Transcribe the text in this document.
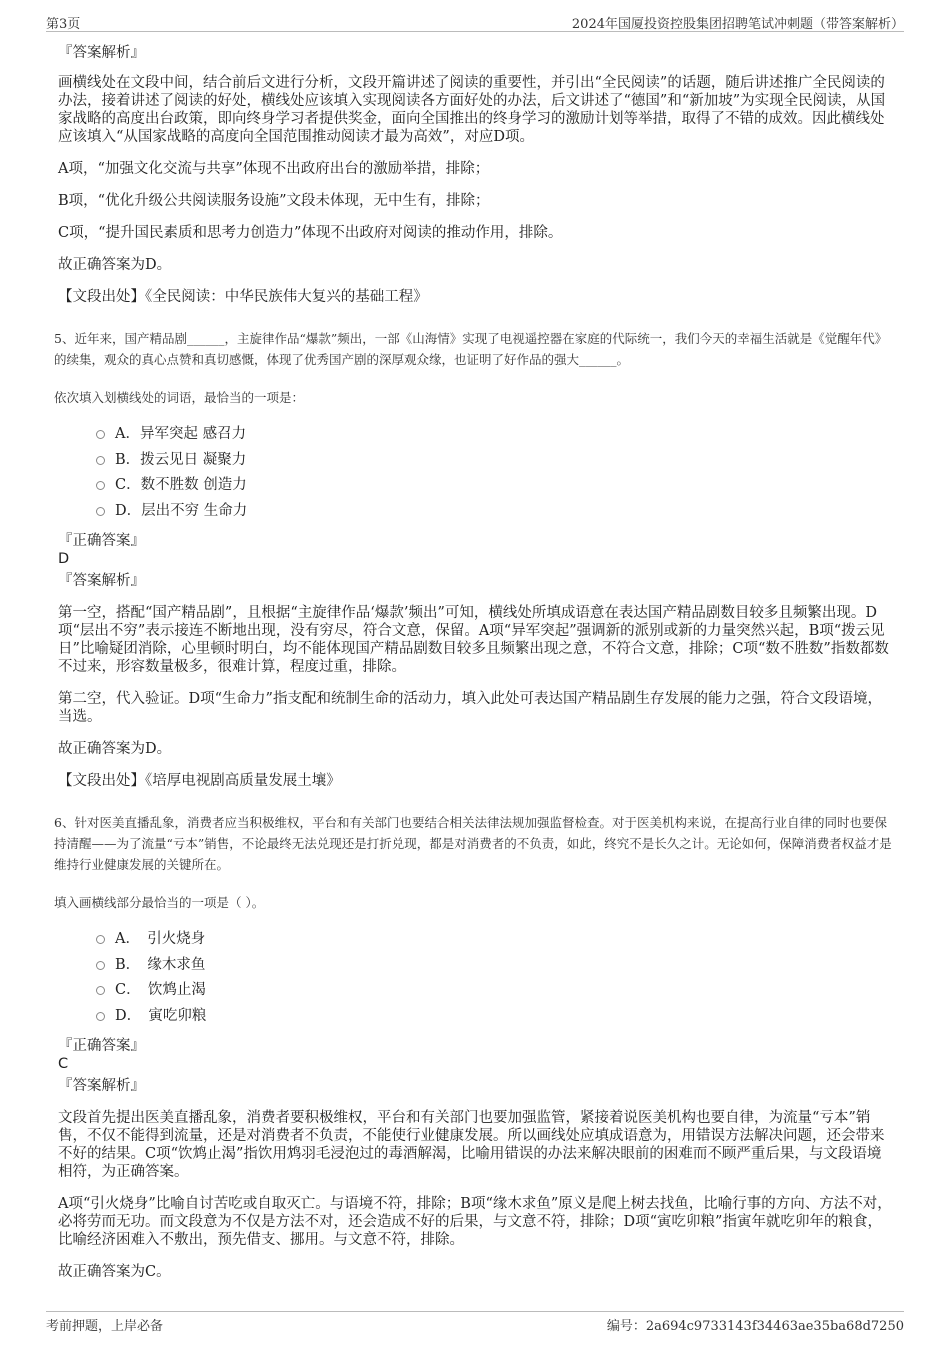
第3页	2024年国厦投资控股集团招聘笔试冲刺题（带答案解析）

『答案解析』

画横线处在文段中间，结合前后文进行分析，文段开篇讲述了阅读的重要性，并引出“全民阅读”的话题，随后讲述推广全民阅读的办法，接着讲述了阅读的好处，横线处应该填入实现阅读各方面好处的办法，后文讲述了“德国”和“新加坡”为实现全民阅读，从国家战略的高度出台政策，即向终身学习者提供奖金，面向全国推出的终身学习的激励计划等举措，取得了不错的成效。因此横线处应该填入“从国家战略的高度向全国范围推动阅读才最为高效”，对应D项。

A项，“加强文化交流与共享”体现不出政府出台的激励举措，排除；

B项，“优化升级公共阅读服务设施”文段未体现，无中生有，排除；

C项，“提升国民素质和思考力创造力”体现不出政府对阅读的推动作用，排除。

故正确答案为D。

【文段出处】《全民阅读：中华民族伟大复兴的基础工程》

5、近年来，国产精品剧______，主旋律作品“爆款”频出，一部《山海情》实现了电视遥控器在家庭的代际统一，我们今天的幸福生活就是《觉醒年代》的续集，观众的真心点赞和真切感慨，体现了优秀国产剧的深厚观众缘，也证明了好作品的强大______。

依次填入划横线处的词语，最恰当的一项是：

A．异军突起 感召力
B．拨云见日 凝聚力
C．数不胜数 创造力
D．层出不穷 生命力

『正确答案』

D

『答案解析』

第一空，搭配“国产精品剧”，且根据“主旋律作品‘爆款’频出”可知，横线处所填成语意在表达国产精品剧数目较多且频繁出现。D项“层出不穷”表示接连不断地出现，没有穷尽，符合文意，保留。A项“异军突起”强调新的派别或新的力量突然兴起，B项“拨云见日”比喻疑团消除，心里顿时明白，均不能体现国产精品剧数目较多且频繁出现之意，不符合文意，排除；C项“数不胜数”指数都数不过来，形容数量极多，很难计算，程度过重，排除。

第二空，代入验证。D项“生命力”指支配和统制生命的活动力，填入此处可表达国产精品剧生存发展的能力之强，符合文段语境，当选。

故正确答案为D。

【文段出处】《培厚电视剧高质量发展土壤》

6、针对医美直播乱象，消费者应当积极维权，平台和有关部门也要结合相关法律法规加强监督检查。对于医美机构来说，在提高行业自律的同时也要保持清醒——为了流量“亏本”销售，不论最终无法兑现还是打折兑现，都是对消费者的不负责，如此，终究不是长久之计。无论如何，保障消费者权益才是维持行业健康发展的关键所在。

填入画横线部分最恰当的一项是（ ）。

A．　引火烧身
B．　缘木求鱼
C．　饮鸩止渴
D．　寅吃卯粮

『正确答案』

C

『答案解析』

文段首先提出医美直播乱象，消费者要积极维权，平台和有关部门也要加强监管，紧接着说医美机构也要自律，为流量“亏本”销售，不仅不能得到流量，还是对消费者不负责，不能使行业健康发展。所以画线处应填成语意为，用错误方法解决问题，还会带来不好的结果。C项“饮鸩止渴”指饮用鸩羽毛浸泡过的毒酒解渴，比喻用错误的办法来解决眼前的困难而不顾严重后果，与文段语境相符，为正确答案。

A项“引火烧身”比喻自讨苦吃或自取灭亡。与语境不符，排除；B项“缘木求鱼”原义是爬上树去找鱼，比喻行事的方向、方法不对，必将劳而无功。而文段意为不仅是方法不对，还会造成不好的后果，与文意不符，排除；D项“寅吃卯粮”指寅年就吃卯年的粮食，比喻经济困难入不敷出，预先借支、挪用。与文意不符，排除。

故正确答案为C。

考前押题，上岸必备	编号：2a694c9733143f34463ae35ba68d7250
